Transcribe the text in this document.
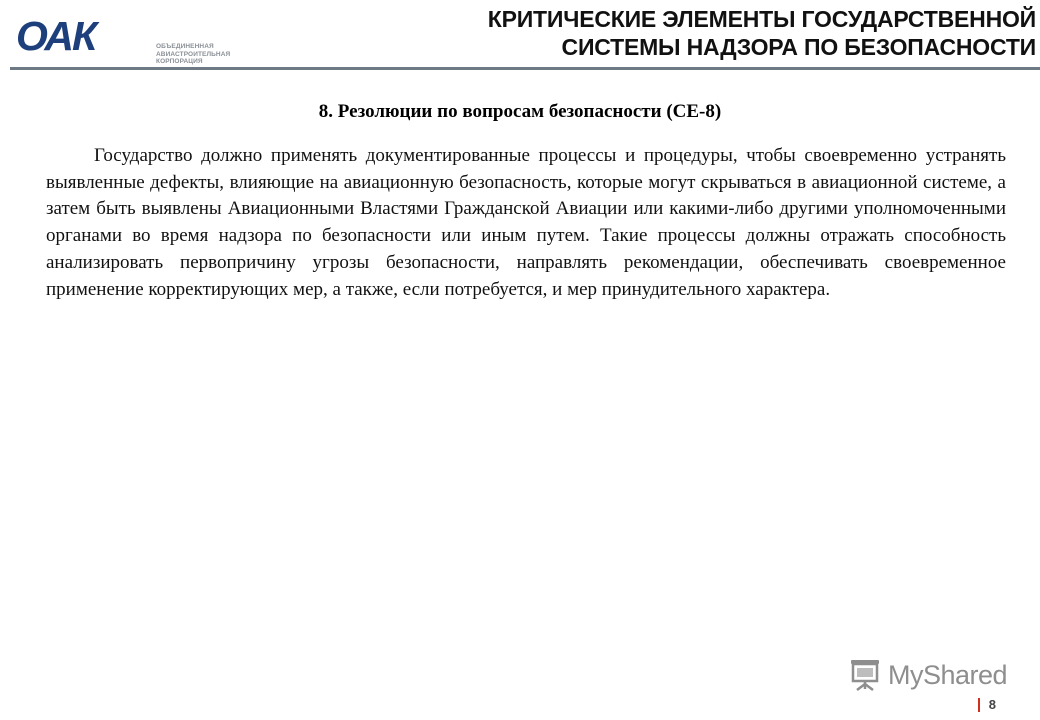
ОАК	ОБЪЕДИНЕННАЯ
АВИАСТРОИТЕЛЬНАЯ
КОРПОРАЦИЯ
КРИТИЧЕСКИЕ ЭЛЕМЕНТЫ ГОСУДАРСТВЕННОЙ
СИСТЕМЫ НАДЗОРА ПО БЕЗОПАСНОСТИ
8. Резолюции по вопросам безопасности (СЕ-8)

Государство должно применять документированные процессы и процедуры, чтобы своевременно устранять выявленные дефекты, влияющие на авиационную безопасность, которые могут скрываться в авиационной системе, а затем быть выявлены Авиационными Властями Гражданской Авиации или какими-либо другими уполномоченными органами во время надзора по безопасности или иным путем. Такие процессы должны отражать способность анализировать первопричину угрозы безопасности, направлять рекомендации, обеспечивать своевременное применение корректирующих мер, а также, если потребуется, и мер принудительного характера.

MyShared
8
